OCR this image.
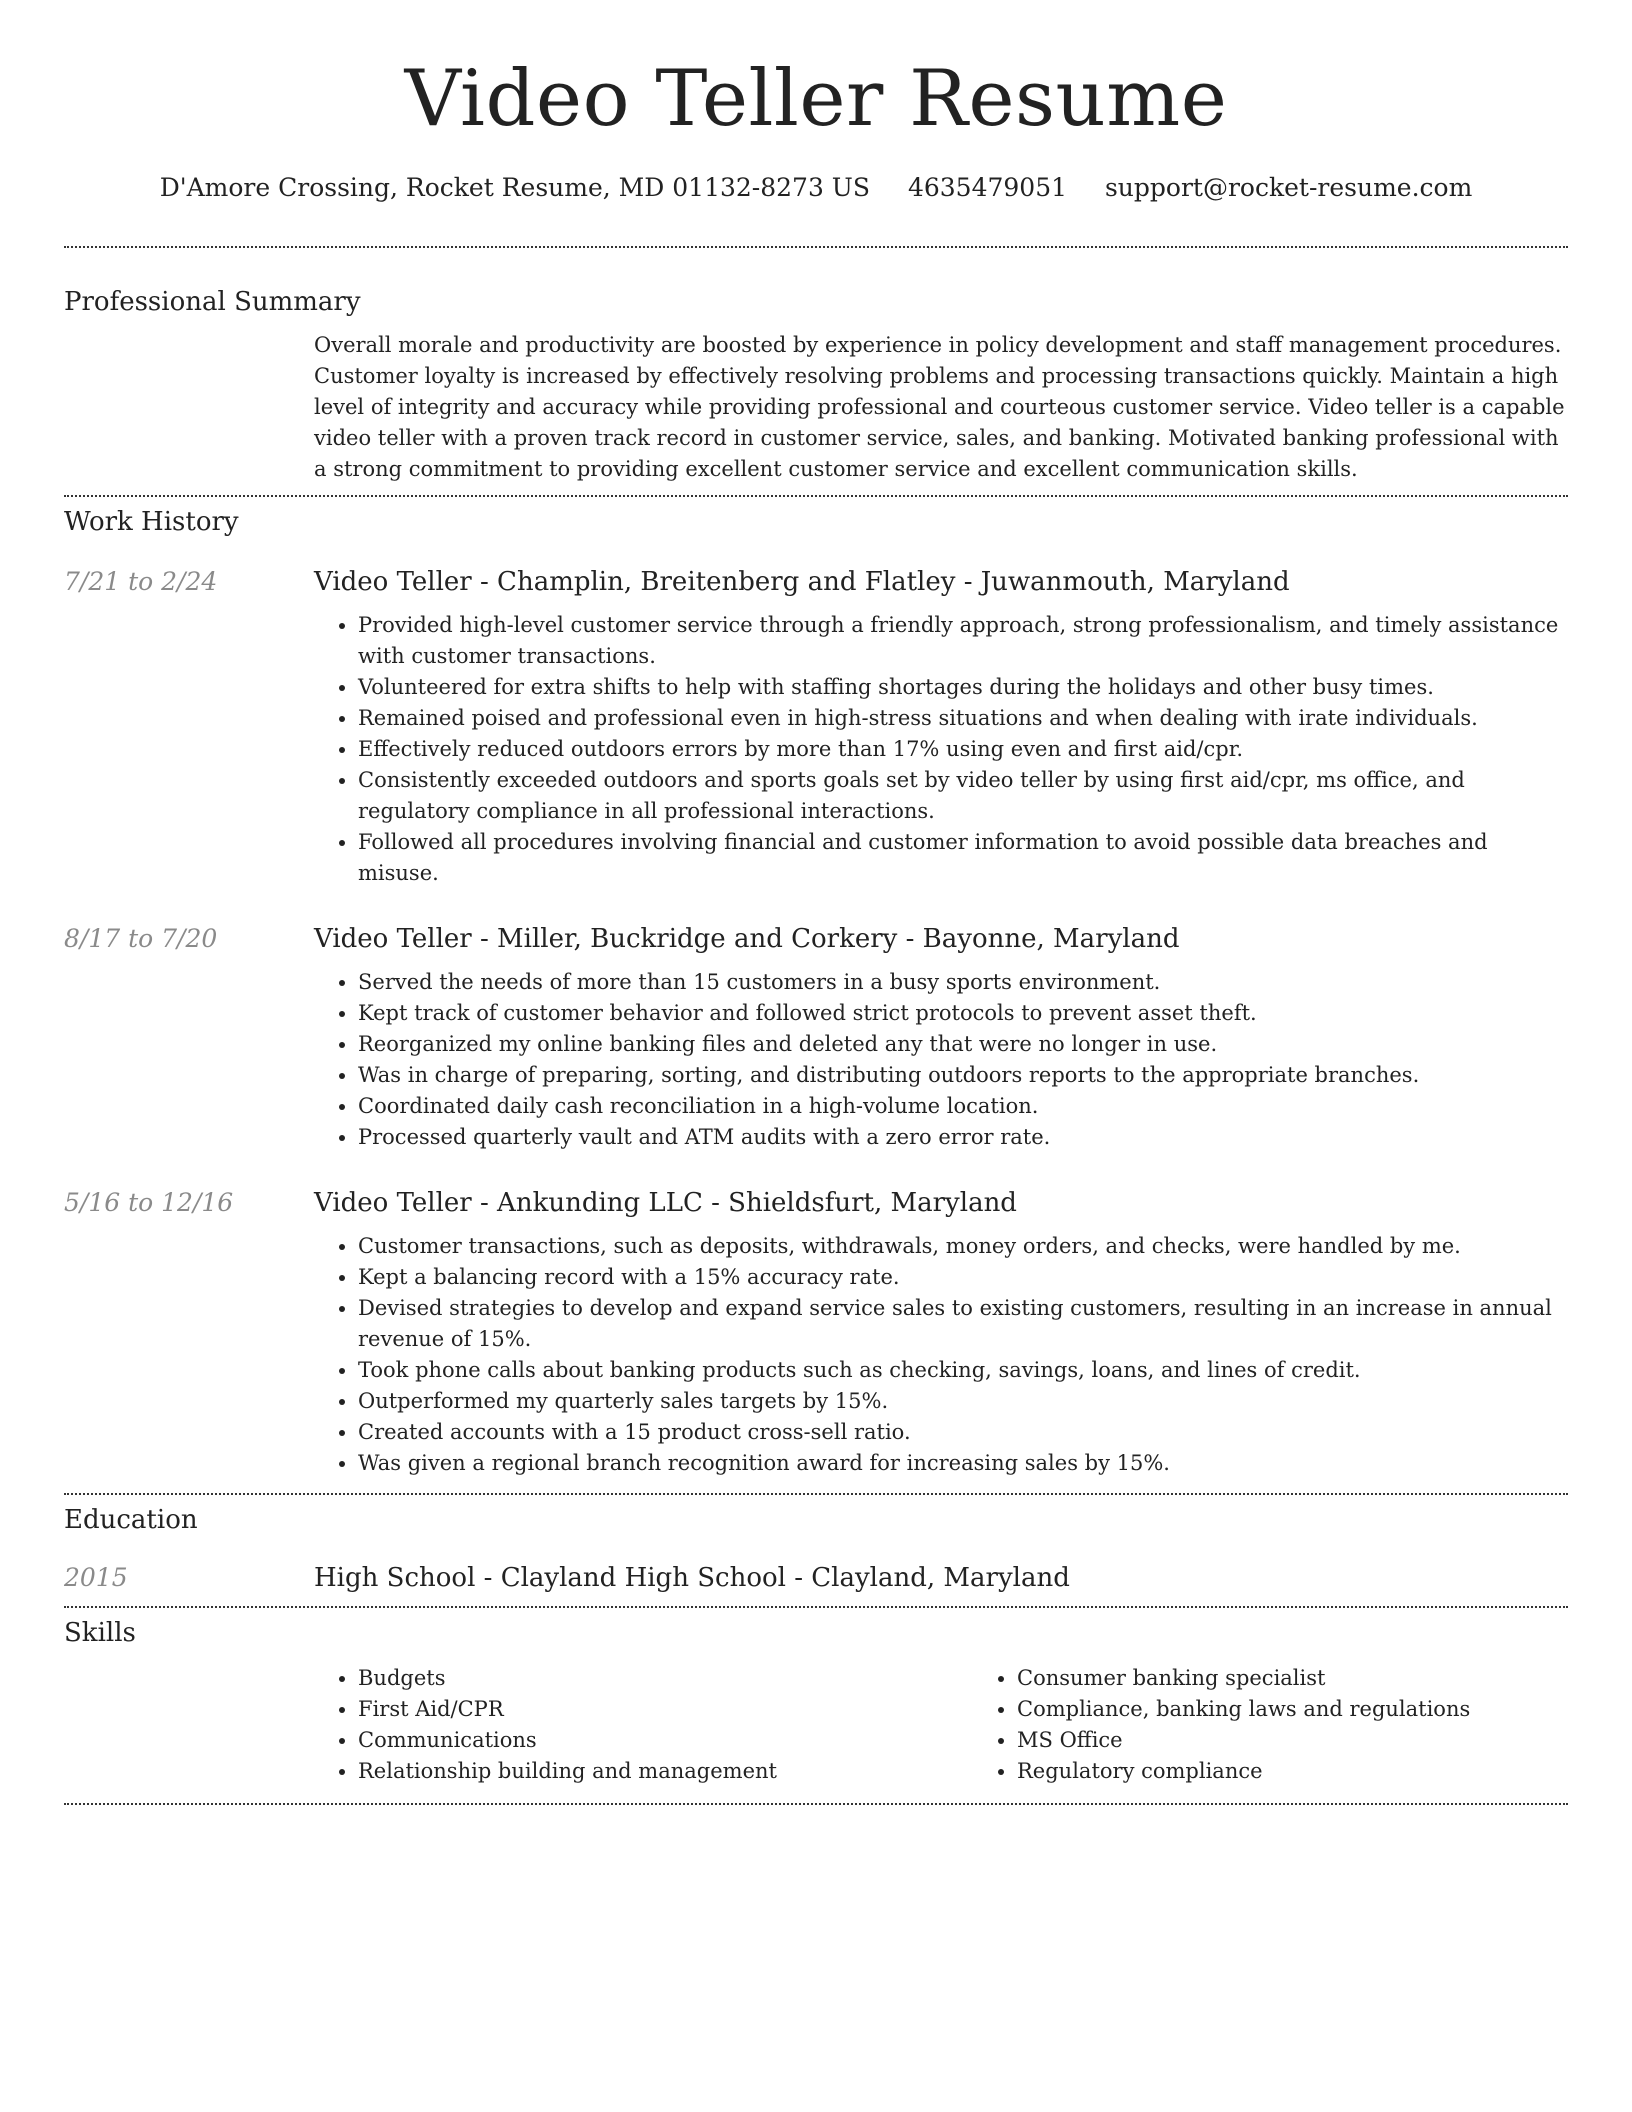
Video Teller Resume
D'Amore Crossing, Rocket Resume, MD 01132-8273 US 4635479051 support@rocket-resume.com
Professional Summary
Overall morale and productivity are boosted by experience in policy development and staff management procedures. Customer loyalty is increased by effectively resolving problems and processing transactions quickly. Maintain a high level of integrity and accuracy while providing professional and courteous customer service. Video teller is a capable video teller with a proven track record in customer service, sales, and banking. Motivated banking professional with a strong commitment to providing excellent customer service and excellent communication skills.
Work History
7/21 to 2/24	Video Teller - Champlin, Breitenberg and Flatley - Juwanmouth, Maryland
• Provided high-level customer service through a friendly approach, strong professionalism, and timely assistance with customer transactions.
• Volunteered for extra shifts to help with staffing shortages during the holidays and other busy times.
• Remained poised and professional even in high-stress situations and when dealing with irate individuals.
• Effectively reduced outdoors errors by more than 17% using even and first aid/cpr.
• Consistently exceeded outdoors and sports goals set by video teller by using first aid/cpr, ms office, and regulatory compliance in all professional interactions.
• Followed all procedures involving financial and customer information to avoid possible data breaches and misuse.
8/17 to 7/20	Video Teller - Miller, Buckridge and Corkery - Bayonne, Maryland
• Served the needs of more than 15 customers in a busy sports environment.
• Kept track of customer behavior and followed strict protocols to prevent asset theft.
• Reorganized my online banking files and deleted any that were no longer in use.
• Was in charge of preparing, sorting, and distributing outdoors reports to the appropriate branches.
• Coordinated daily cash reconciliation in a high-volume location.
• Processed quarterly vault and ATM audits with a zero error rate.
5/16 to 12/16	Video Teller - Ankunding LLC - Shieldsfurt, Maryland
• Customer transactions, such as deposits, withdrawals, money orders, and checks, were handled by me.
• Kept a balancing record with a 15% accuracy rate.
• Devised strategies to develop and expand service sales to existing customers, resulting in an increase in annual revenue of 15%.
• Took phone calls about banking products such as checking, savings, loans, and lines of credit.
• Outperformed my quarterly sales targets by 15%.
• Created accounts with a 15 product cross-sell ratio.
• Was given a regional branch recognition award for increasing sales by 15%.
Education
2015	High School - Clayland High School - Clayland, Maryland
Skills
• Budgets
• First Aid/CPR
• Communications
• Relationship building and management
• Consumer banking specialist
• Compliance, banking laws and regulations
• MS Office
• Regulatory compliance
